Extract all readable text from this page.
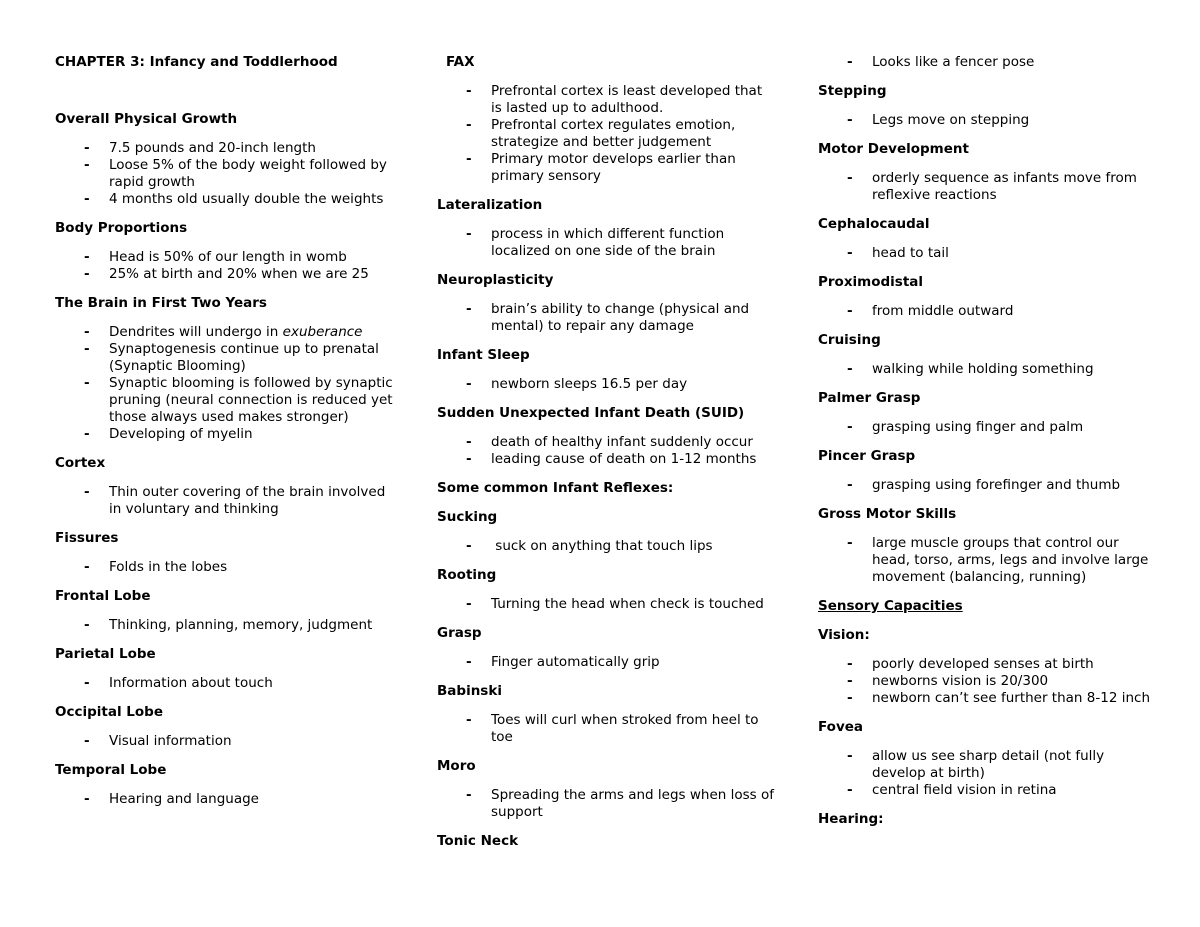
CHAPTER 3: Infancy and Toddlerhood
Overall Physical Growth
- 7.5 pounds and 20-inch length
- Loose 5% of the body weight followed by rapid growth
- 4 months old usually double the weights
Body Proportions
- Head is 50% of our length in womb
- 25% at birth and 20% when we are 25
The Brain in First Two Years
- Dendrites will undergo in exuberance
- Synaptogenesis continue up to prenatal (Synaptic Blooming)
- Synaptic blooming is followed by synaptic pruning (neural connection is reduced yet those always used makes stronger)
- Developing of myelin
Cortex
- Thin outer covering of the brain involved in voluntary and thinking
Fissures
- Folds in the lobes
Frontal Lobe
- Thinking, planning, memory, judgment
Parietal Lobe
- Information about touch
Occipital Lobe
- Visual information
Temporal Lobe
- Hearing and language
FAX
- Prefrontal cortex is least developed that is lasted up to adulthood.
- Prefrontal cortex regulates emotion, strategize and better judgement
- Primary motor develops earlier than primary sensory
Lateralization
- process in which different function localized on one side of the brain
Neuroplasticity
- brain’s ability to change (physical and mental) to repair any damage
Infant Sleep
- newborn sleeps 16.5 per day
Sudden Unexpected Infant Death (SUID)
- death of healthy infant suddenly occur
- leading cause of death on 1-12 months
Some common Infant Reflexes:
Sucking
-  suck on anything that touch lips
Rooting
- Turning the head when check is touched
Grasp
- Finger automatically grip
Babinski
- Toes will curl when stroked from heel to toe
Moro
- Spreading the arms and legs when loss of support
Tonic Neck
- Looks like a fencer pose
Stepping
- Legs move on stepping
Motor Development
- orderly sequence as infants move from reflexive reactions
Cephalocaudal
- head to tail
Proximodistal
- from middle outward
Cruising
- walking while holding something
Palmer Grasp
- grasping using finger and palm
Pincer Grasp
- grasping using forefinger and thumb
Gross Motor Skills
- large muscle groups that control our head, torso, arms, legs and involve large movement (balancing, running)
Sensory Capacities
Vision:
- poorly developed senses at birth
- newborns vision is 20/300
- newborn can’t see further than 8-12 inch
Fovea
- allow us see sharp detail (not fully develop at birth)
- central field vision in retina
Hearing:
